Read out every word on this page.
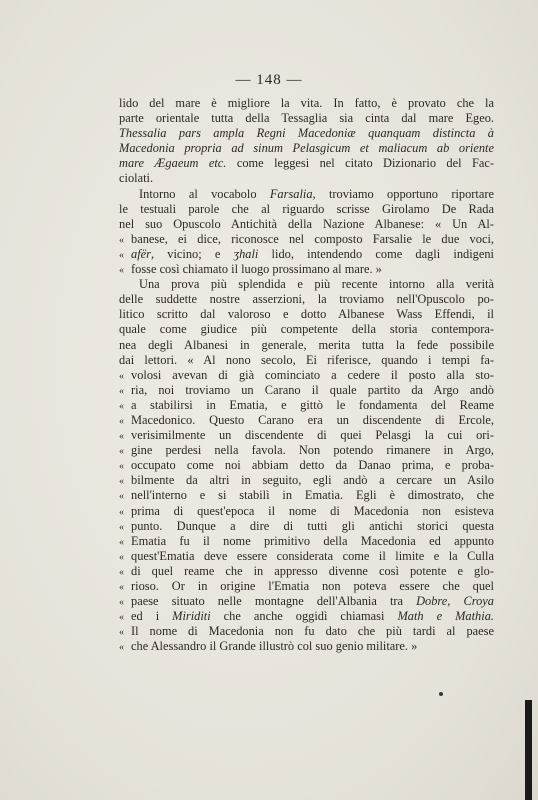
— 148 —
lido del mare è migliore la vita. In fatto, è provato che la
parte orientale tutta della Tessaglia sia cinta dal mare Egeo.
Thessalia pars ampla Regni Macedoniæ quanquam distincta à
Macedonia propria ad sinum Pelasgicum et maliacum ab oriente
mare Ægaeum etc. come leggesi nel citato Dizionario del Fac-
ciolati.
Intorno al vocabolo Farsalia, troviamo opportuno riportare
le testuali parole che al riguardo scrisse Girolamo De Rada
nel suo Opuscolo Antichità della Nazione Albanese: « Un Al-
« banese, ei dice, riconosce nel composto Farsalie le due voci,
« afër, vicino; e ʒhali lido, intendendo come dagli indigeni
« fosse così chiamato il luogo prossimano al mare. »
Una prova più splendida e più recente intorno alla verità
delle suddette nostre asserzioni, la troviamo nell'Opuscolo po-
litico scritto dal valoroso e dotto Albanese Wass Effendi, il
quale come giudice più competente della storia contempora-
nea degli Albanesi in generale, merita tutta la fede possibile
dai lettori. « Al nono secolo, Ei riferisce, quando i tempi fa-
« volosi avevan di già cominciato a cedere il posto alla sto-
« ria, noi troviamo un Carano il quale partito da Argo andò
« a stabilirsi in Ematia, e gittò le fondamenta del Reame
« Macedonico. Questo Carano era un discendente di Ercole,
« verisimilmente un discendente di quei Pelasgi la cui ori-
« gine perdesi nella favola. Non potendo rimanere in Argo,
« occupato come noi abbiam detto da Danao prima, e proba-
« bilmente da altri in seguito, egli andò a cercare un Asilo
« nell'interno e si stabilì in Ematia. Egli è dimostrato, che
« prima di quest'epoca il nome di Macedonia non esisteva
« punto. Dunque a dire di tutti gli antichi storici questa
« Ematia fu il nome primitivo della Macedonia ed appunto
« quest'Ematia deve essere considerata come il limite e la Culla
« di quel reame che in appresso divenne così potente e glo-
« rioso. Or in origine l'Ematia non poteva essere che quel
« paese situato nelle montagne dell'Albania tra Dobre, Croya
« ed i Miriditi che anche oggidì chiamasi Math e Mathia.
« Il nome di Macedonia non fu dato che più tardi al paese
« che Alessandro il Grande illustrò col suo genio militare. »
